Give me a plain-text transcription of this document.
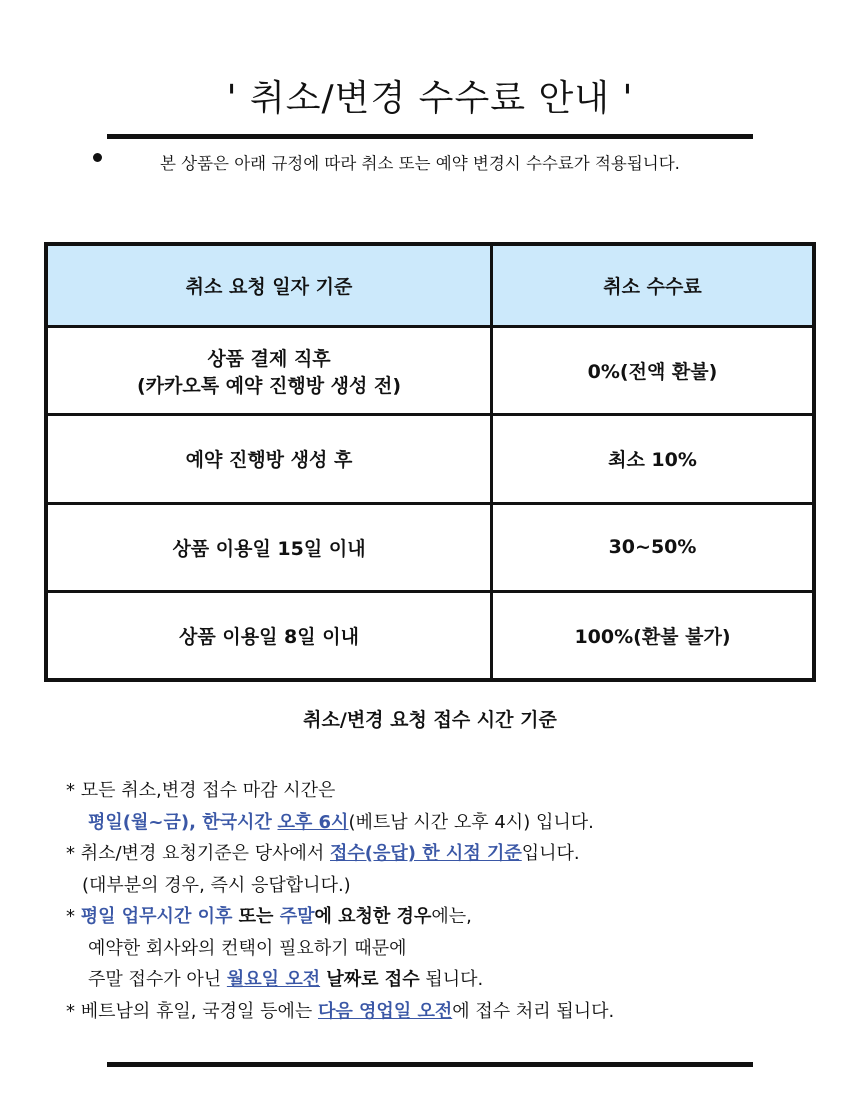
' 취소/변경 수수료 안내 '
본 상품은 아래 규정에 따라 취소 또는 예약 변경시 수수료가 적용됩니다.
취소 요청 일자 기준	취소 수수료

상품 결제 직후
(카카오톡 예약 진행방 생성 전)	0%(전액 환불)
예약 진행방 생성 후	최소 10%
상품 이용일 15일 이내	30~50%
상품 이용일 8일 이내	100%(환불 불가)
취소/변경 요청 접수 시간 기준
* 모든 취소,변경 접수 마감 시간은
평일(월~금), 한국시간 오후 6시(베트남 시간 오후 4시) 입니다.
* 취소/변경 요청기준은 당사에서 접수(응답) 한 시점 기준입니다.
(대부분의 경우, 즉시 응답합니다.)
* 평일 업무시간 이후 또는 주말에 요청한 경우에는,
예약한 회사와의 컨택이 필요하기 때문에
주말 접수가 아닌 월요일 오전 날짜로 접수 됩니다.
* 베트남의 휴일, 국경일 등에는 다음 영업일 오전에 접수 처리 됩니다.
